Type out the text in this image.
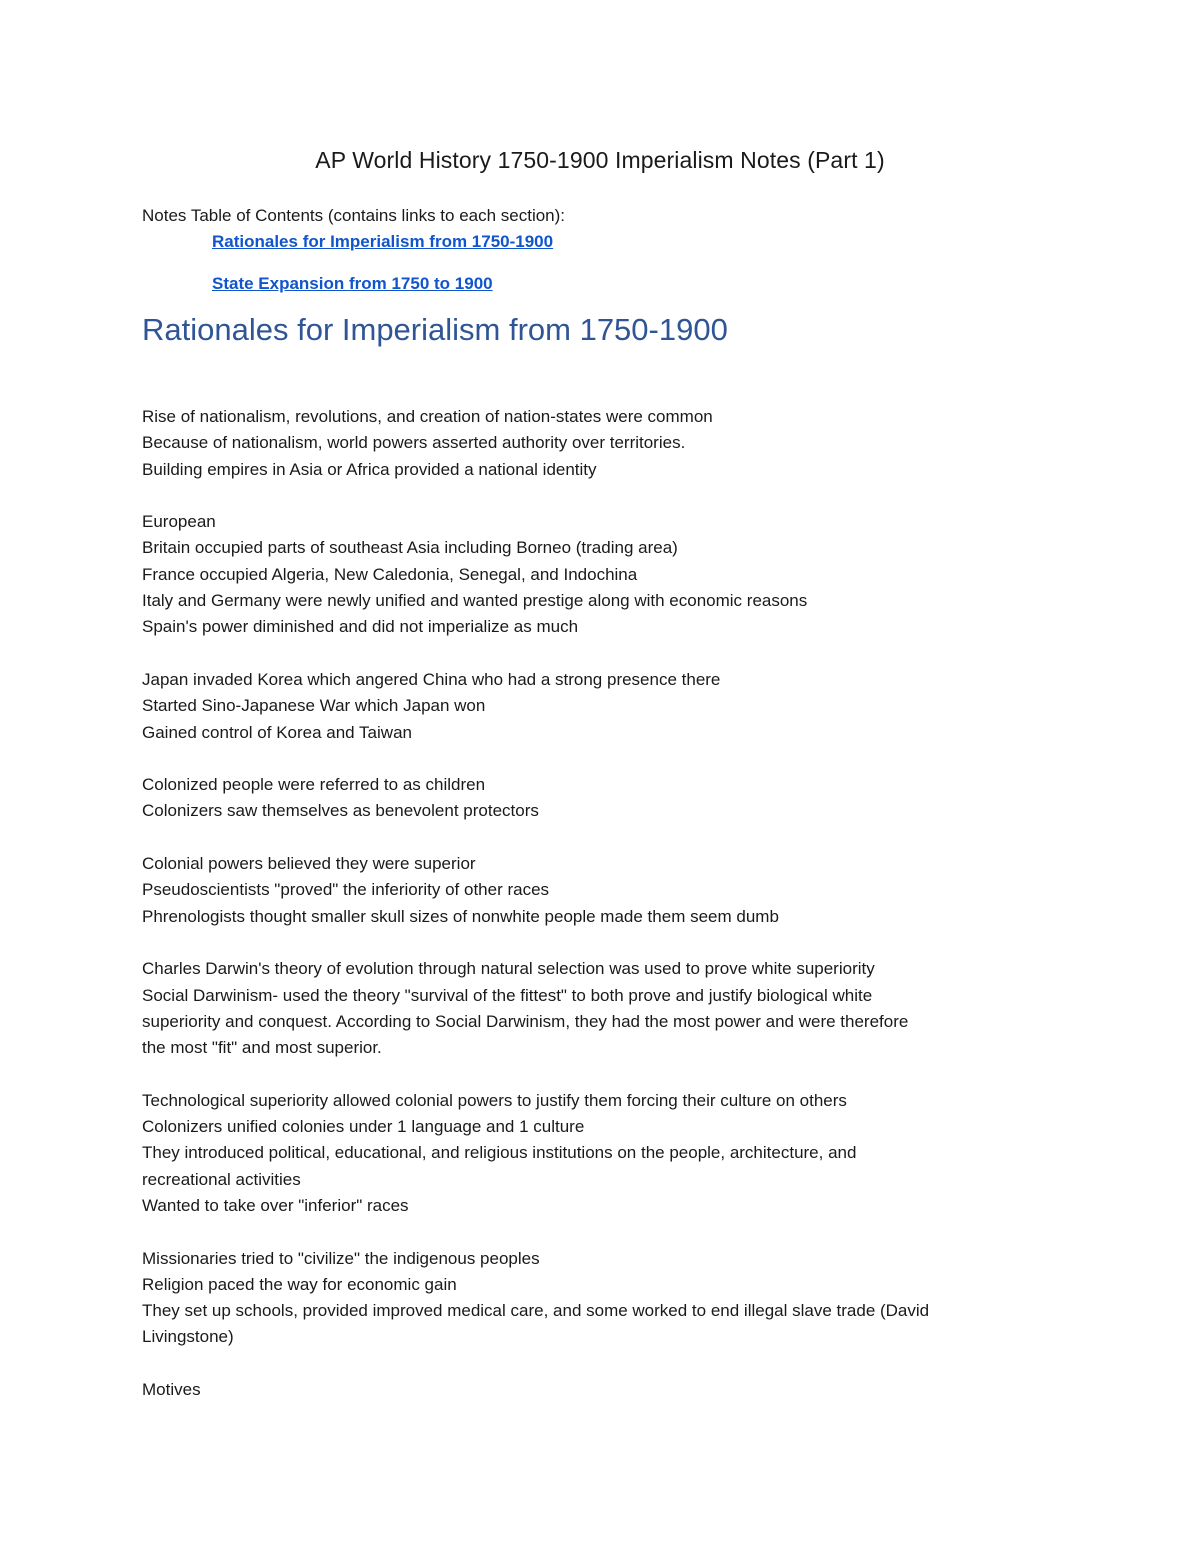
AP World History 1750-1900 Imperialism Notes (Part 1)
Notes Table of Contents (contains links to each section):
Rationales for Imperialism from 1750-1900
State Expansion from 1750 to 1900
Rationales for Imperialism from 1750-1900
Rise of nationalism, revolutions, and creation of nation-states were common
Because of nationalism, world powers asserted authority over territories.
Building empires in Asia or Africa provided a national identity
European
Britain occupied parts of southeast Asia including Borneo (trading area)
France occupied Algeria, New Caledonia, Senegal, and Indochina
Italy and Germany were newly unified and wanted prestige along with economic reasons
Spain's power diminished and did not imperialize as much
Japan invaded Korea which angered China who had a strong presence there
Started Sino-Japanese War which Japan won
Gained control of Korea and Taiwan
Colonized people were referred to as children
Colonizers saw themselves as benevolent protectors
Colonial powers believed they were superior
Pseudoscientists "proved" the inferiority of other races
Phrenologists thought smaller skull sizes of nonwhite people made them seem dumb
Charles Darwin's theory of evolution through natural selection was used to prove white superiority
Social Darwinism- used the theory "survival of the fittest" to both prove and justify biological white
superiority and conquest. According to Social Darwinism, they had the most power and were therefore
the most "fit" and most superior.
Technological superiority allowed colonial powers to justify them forcing their culture on others
Colonizers unified colonies under 1 language and 1 culture
They introduced political, educational, and religious institutions on the people, architecture, and
recreational activities
Wanted to take over "inferior" races
Missionaries tried to "civilize" the indigenous peoples
Religion paced the way for economic gain
They set up schools, provided improved medical care, and some worked to end illegal slave trade (David
Livingstone)
Motives
